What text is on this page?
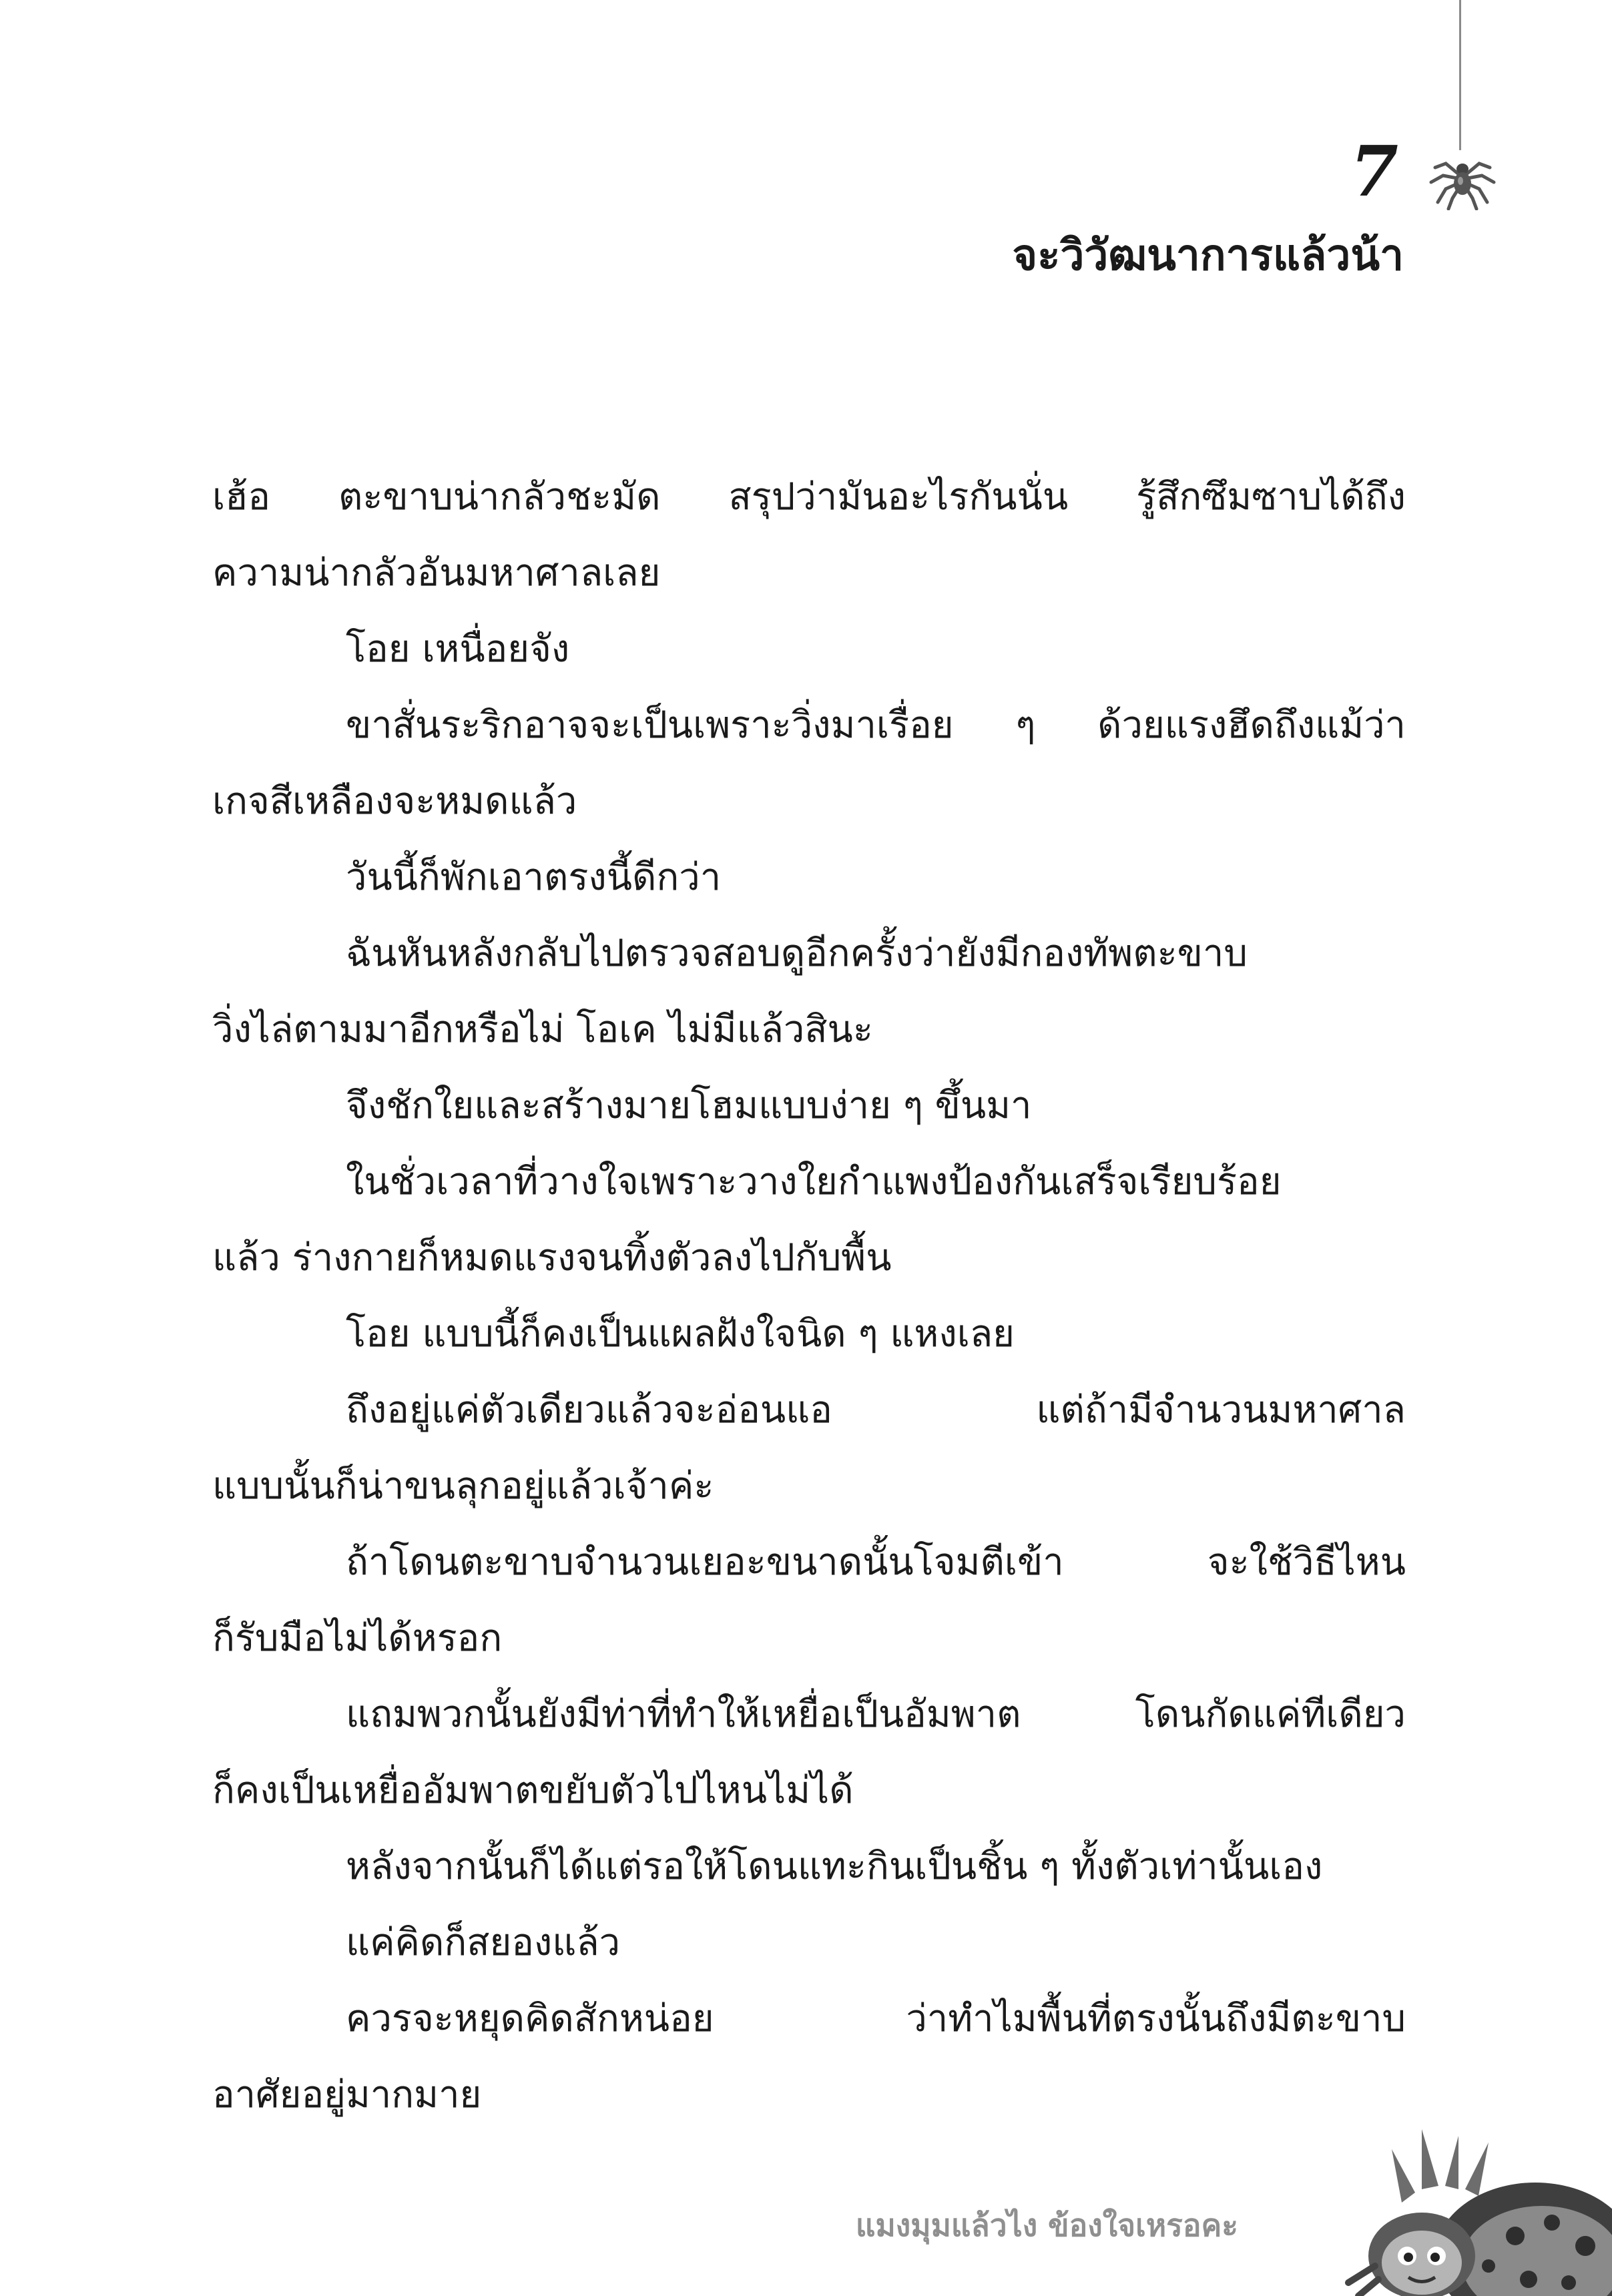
7
จะวิวัฒนาการแล้วน้า
เฮ้อ ตะขาบน่ากลัวชะมัด สรุปว่ามันอะไรกันนั่น รู้สึกซึมซาบได้ถึง
ความน่ากลัวอันมหาศาลเลย
โอย เหนื่อยจัง
ขาสั่นระริกอาจจะเป็นเพราะวิ่งมาเรื่อย ๆ ด้วยแรงฮึดถึงแม้ว่า
เกจสีเหลืองจะหมดแล้ว
วันนี้ก็พักเอาตรงนี้ดีกว่า
ฉันหันหลังกลับไปตรวจสอบดูอีกครั้งว่ายังมีกองทัพตะขาบ
วิ่งไล่ตามมาอีกหรือไม่ โอเค ไม่มีแล้วสินะ
จึงชักใยและสร้างมายโฮมแบบง่าย ๆ ขึ้นมา
ในชั่วเวลาที่วางใจเพราะวางใยกำแพงป้องกันเสร็จเรียบร้อย
แล้ว ร่างกายก็หมดแรงจนทิ้งตัวลงไปกับพื้น
โอย แบบนี้ก็คงเป็นแผลฝังใจนิด ๆ แหงเลย
ถึงอยู่แค่ตัวเดียวแล้วจะอ่อนแอ แต่ถ้ามีจำนวนมหาศาล
แบบนั้นก็น่าขนลุกอยู่แล้วเจ้าค่ะ
ถ้าโดนตะขาบจำนวนเยอะขนาดนั้นโจมตีเข้า จะใช้วิธีไหน
ก็รับมือไม่ได้หรอก
แถมพวกนั้นยังมีท่าที่ทำให้เหยื่อเป็นอัมพาต โดนกัดแค่ทีเดียว
ก็คงเป็นเหยื่ออัมพาตขยับตัวไปไหนไม่ได้
หลังจากนั้นก็ได้แต่รอให้โดนแทะกินเป็นชิ้น ๆ ทั้งตัวเท่านั้นเอง
แค่คิดก็สยองแล้ว
ควรจะหยุดคิดสักหน่อย ว่าทำไมพื้นที่ตรงนั้นถึงมีตะขาบ
อาศัยอยู่มากมาย
แมงมุมแล้วไง ข้องใจเหรอคะ
